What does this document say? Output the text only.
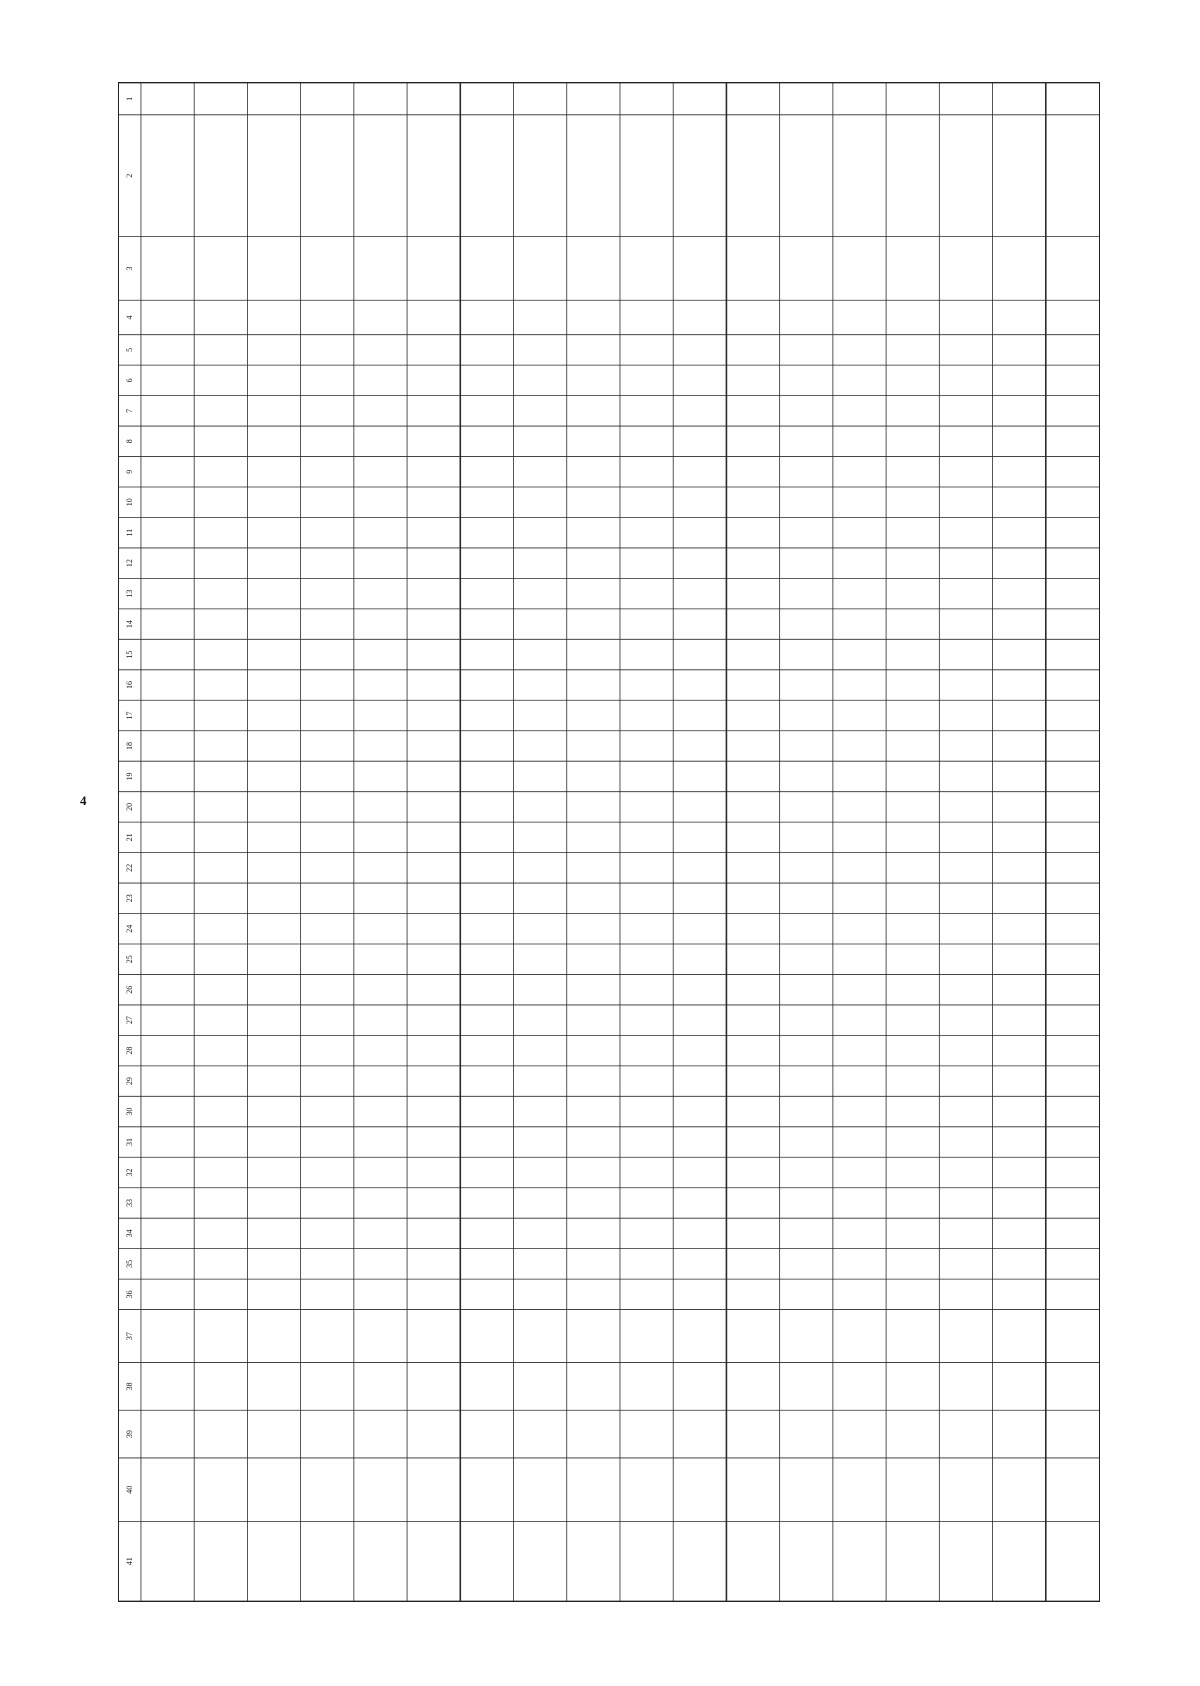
4
1
2
3
4
5
6
7
8
9
10
11
12
13
14
15
16
17
18
19
20
21
22
23
24
25
26
27
28
29
30
31
32
33
34
35
36
37
38
39
40
41
